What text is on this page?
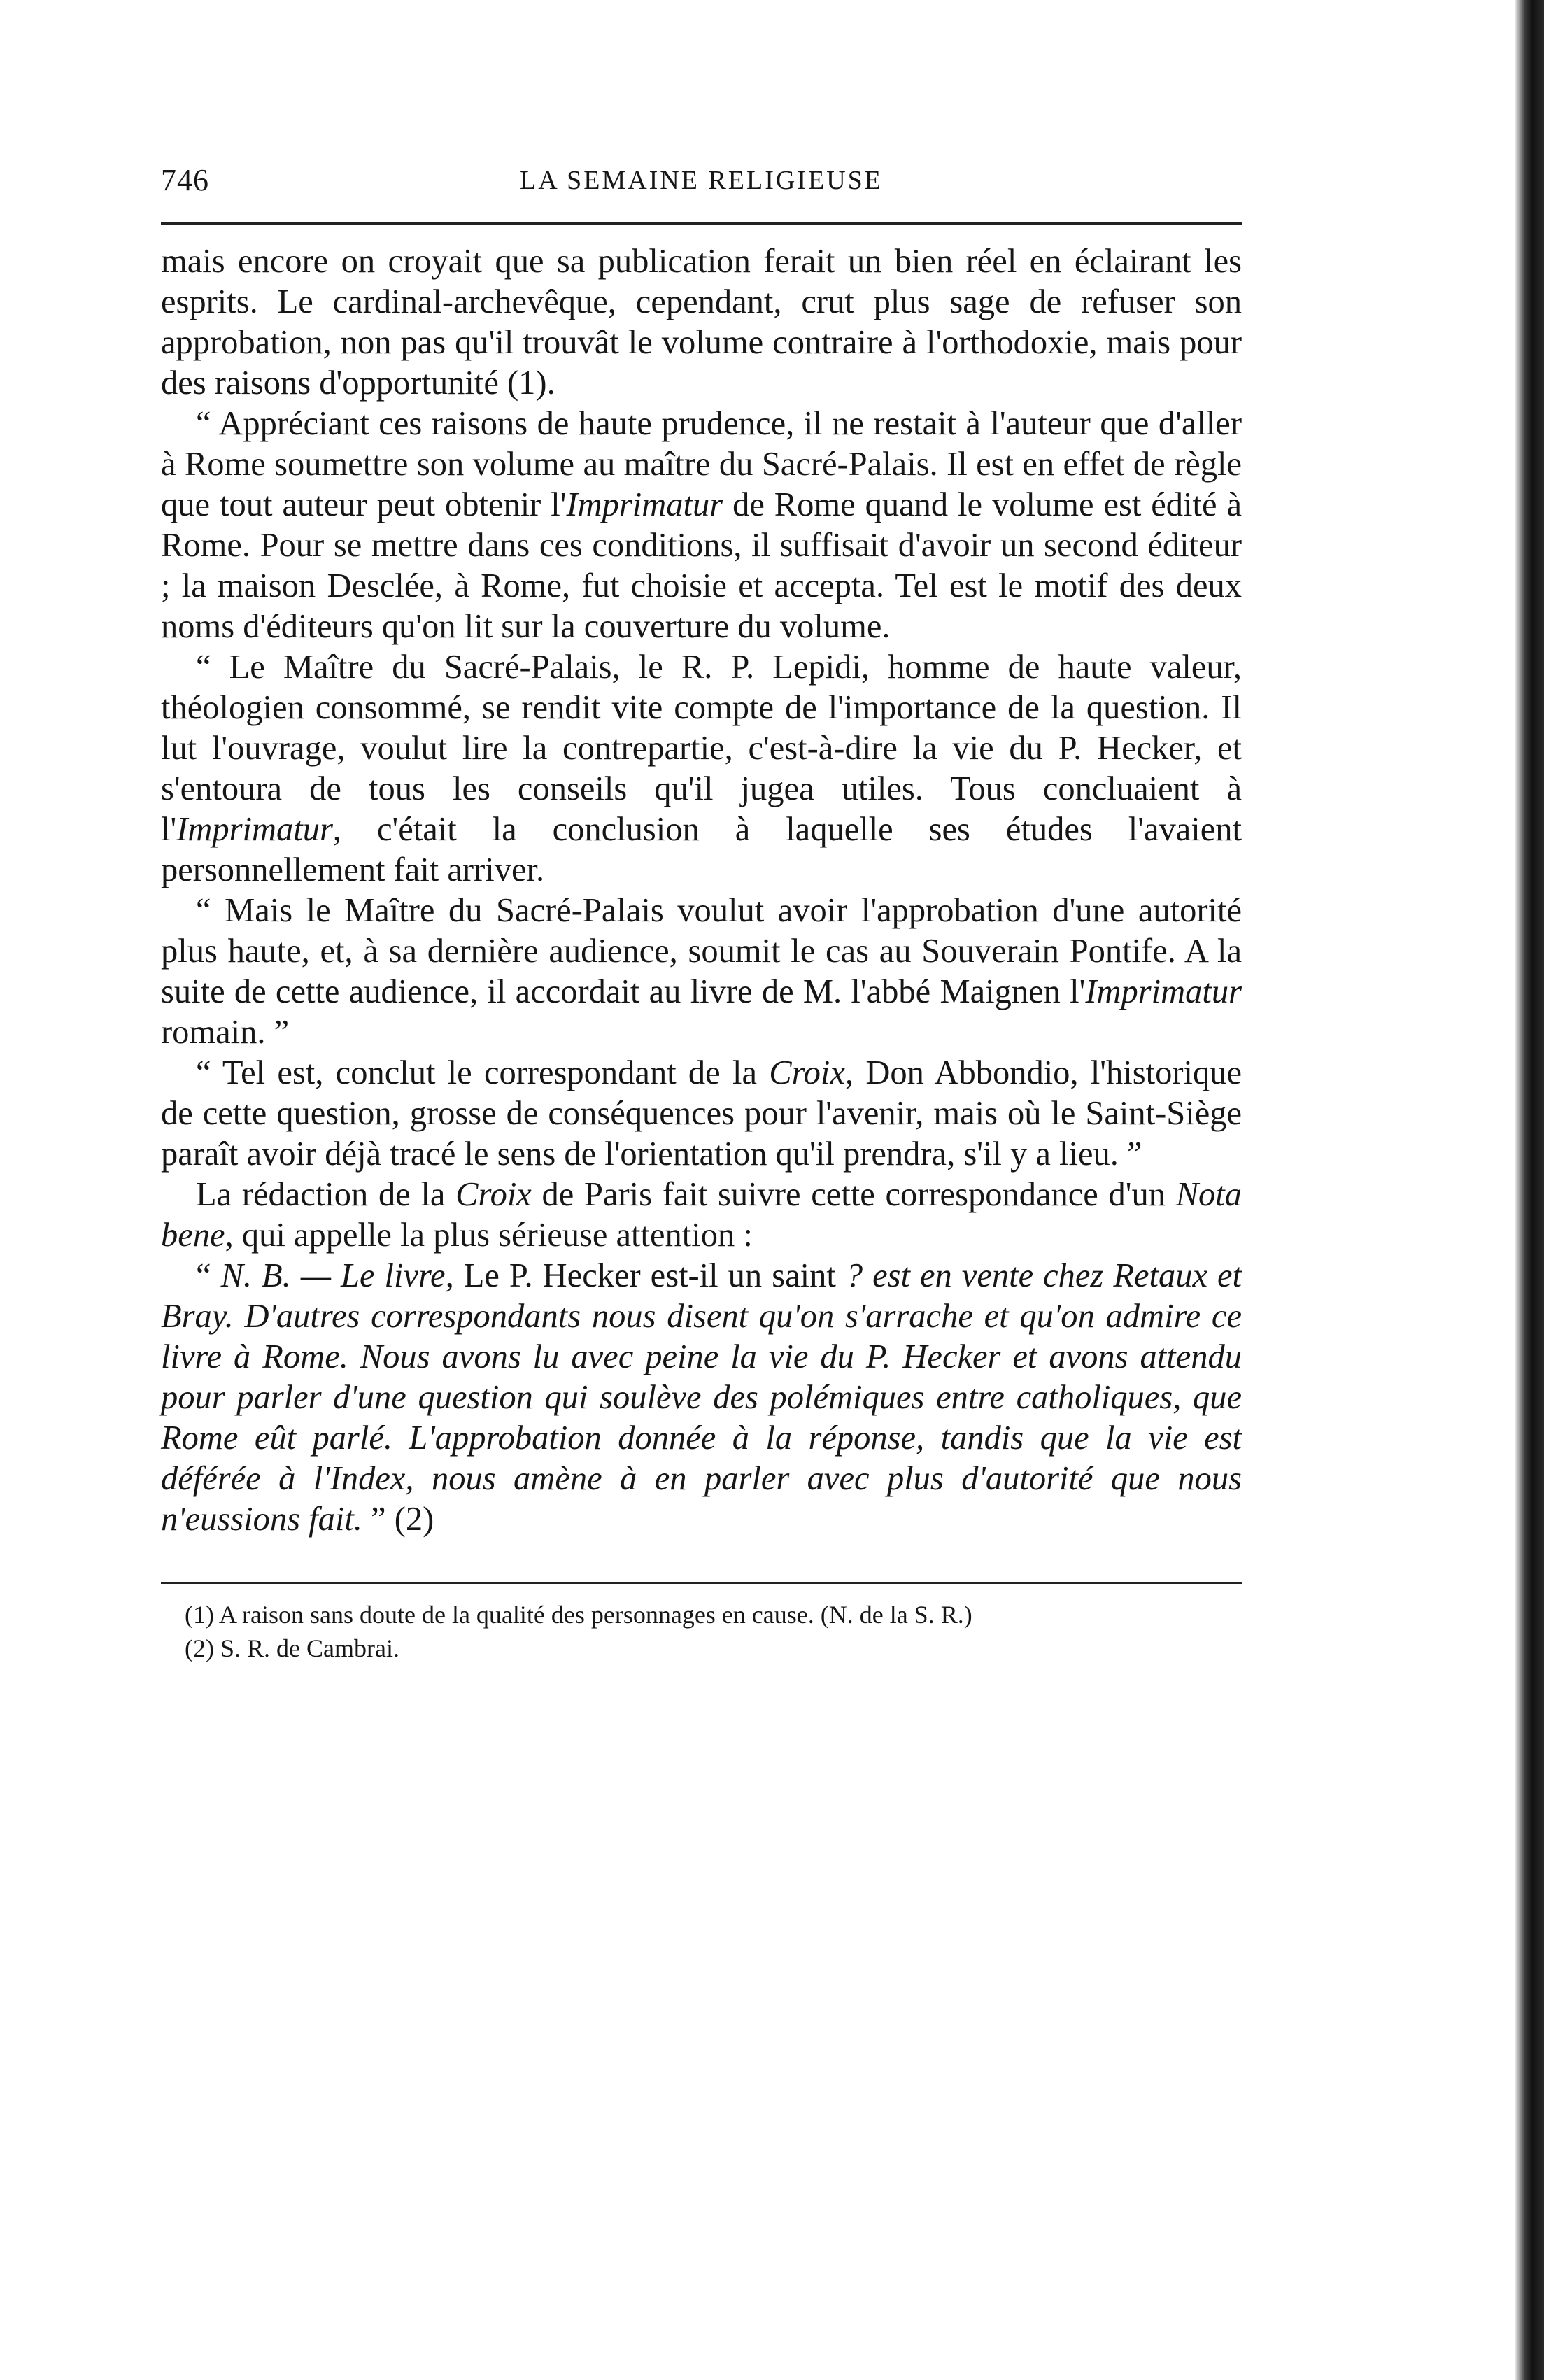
746	LA SEMAINE RELIGIEUSE

mais encore on croyait que sa publication ferait un bien réel en éclairant les esprits. Le cardinal-archevêque, cependant, crut plus sage de refuser son approbation, non pas qu'il trouvât le volume contraire à l'orthodoxie, mais pour des raisons d'opportunité (1).

“ Appréciant ces raisons de haute prudence, il ne restait à l'auteur que d'aller à Rome soumettre son volume au maître du Sacré-Palais. Il est en effet de règle que tout auteur peut obtenir l'Imprimatur de Rome quand le volume est édité à Rome. Pour se mettre dans ces conditions, il suffisait d'avoir un second éditeur ; la maison Desclée, à Rome, fut choisie et accepta. Tel est le motif des deux noms d'éditeurs qu'on lit sur la couverture du volume.

“ Le Maître du Sacré-Palais, le R. P. Lepidi, homme de haute valeur, théologien consommé, se rendit vite compte de l'importance de la question. Il lut l'ouvrage, voulut lire la contrepartie, c'est-à-dire la vie du P. Hecker, et s'entoura de tous les conseils qu'il jugea utiles. Tous concluaient à l'Imprimatur, c'était la conclusion à laquelle ses études l'avaient personnellement fait arriver.

“ Mais le Maître du Sacré-Palais voulut avoir l'approbation d'une autorité plus haute, et, à sa dernière audience, soumit le cas au Souverain Pontife. A la suite de cette audience, il accordait au livre de M. l'abbé Maignen l'Imprimatur romain. ”

“ Tel est, conclut le correspondant de la Croix, Don Abbondio, l'historique de cette question, grosse de conséquences pour l'avenir, mais où le Saint-Siège paraît avoir déjà tracé le sens de l'orientation qu'il prendra, s'il y a lieu. ”

La rédaction de la Croix de Paris fait suivre cette correspondance d'un Nota bene, qui appelle la plus sérieuse attention :

“ N. B. — Le livre, Le P. Hecker est-il un saint ? est en vente chez Retaux et Bray. D'autres correspondants nous disent qu'on s'arrache et qu'on admire ce livre à Rome. Nous avons lu avec peine la vie du P. Hecker et avons attendu pour parler d'une question qui soulève des polémiques entre catholiques, que Rome eût parlé. L'approbation donnée à la réponse, tandis que la vie est déférée à l'Index, nous amène à en parler avec plus d'autorité que nous n'eussions fait. ” (2)

(1) A raison sans doute de la qualité des personnages en cause. (N. de la S. R.)

(2) S. R. de Cambrai.
